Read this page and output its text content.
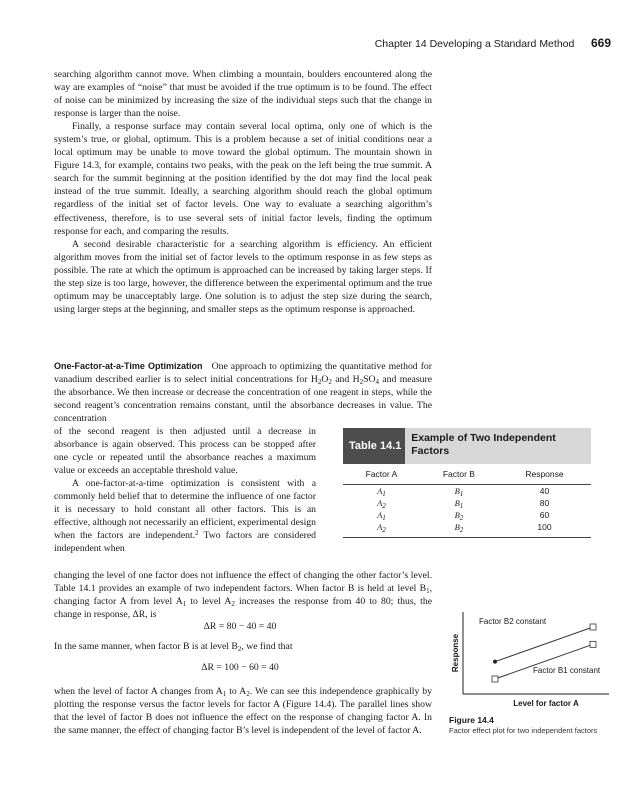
Chapter 14 Developing a Standard Method 669

searching algorithm cannot move. When climbing a mountain, boulders encountered along the way are examples of “noise” that must be avoided if the true optimum is to be found. The effect of noise can be minimized by increasing the size of the individual steps such that the change in response is larger than the noise.

Finally, a response surface may contain several local optima, only one of which is the system’s true, or global, optimum. This is a problem because a set of initial conditions near a local optimum may be unable to move toward the global optimum. The mountain shown in Figure 14.3, for example, contains two peaks, with the peak on the left being the true summit. A search for the summit beginning at the position identified by the dot may find the local peak instead of the true summit. Ideally, a searching algorithm should reach the global optimum regardless of the initial set of factor levels. One way to evaluate a searching algorithm’s effectiveness, therefore, is to use several sets of initial factor levels, finding the optimum response for each, and comparing the results.

A second desirable characteristic for a searching algorithm is efficiency. An efficient algorithm moves from the initial set of factor levels to the optimum response in as few steps as possible. The rate at which the optimum is approached can be increased by taking larger steps. If the step size is too large, however, the difference between the experimental optimum and the true optimum may be unacceptably large. One solution is to adjust the step size during the search, using larger steps at the beginning, and smaller steps as the optimum response is approached.

One-Factor-at-a-Time Optimization One approach to optimizing the quantitative method for vanadium described earlier is to select initial concentrations for $H_2O_2$ and $H_2SO_4$ and measure the absorbance. We then increase or decrease the concentration of one reagent in steps, while the second reagent’s concentration remains constant, until the absorbance decreases in value. The concentration

of the second reagent is then adjusted until a decrease in absorbance is again observed. This process can be stopped after one cycle or repeated until the absorbance reaches a maximum value or exceeds an acceptable threshold value.

A one-factor-at-a-time optimization is consistent with a commonly held belief that to determine the influence of one factor it is necessary to hold constant all other factors. This is an effective, although not necessarily an efficient, experimental design when the factors are independent.$^2$ Two factors are considered independent when

changing the level of one factor does not influence the effect of changing the other factor’s level. Table 14.1 provides an example of two independent factors. When factor B is held at level $B_1$, changing factor A from level $A_1$ to level $A_2$ increases the response from 40 to 80; thus, the change in response, ΔR, is

ΔR = 80 − 40 = 40

In the same manner, when factor B is at level $B_2$, we find that

ΔR = 100 − 60 = 40

when the level of factor A changes from $A_1$ to $A_2$. We can see this independence graphically by plotting the response versus the factor levels for factor A (Figure 14.4). The parallel lines show that the level of factor B does not influence the effect on the response of changing factor A. In the same manner, the effect of changing factor B’s level is independent of the level of factor A.

Table 14.1
Example of Two Independent Factors
Factor A	Factor B	Response
$A_1$	$B_1$	40
$A_2$	$B_1$	80
$A_1$	$B_2$	60
$A_2$	$B_2$	100
Response
Level for factor A
Factor B2 constant
Factor B1 constant
Figure 14.4
Factor effect plot for two independent factors
